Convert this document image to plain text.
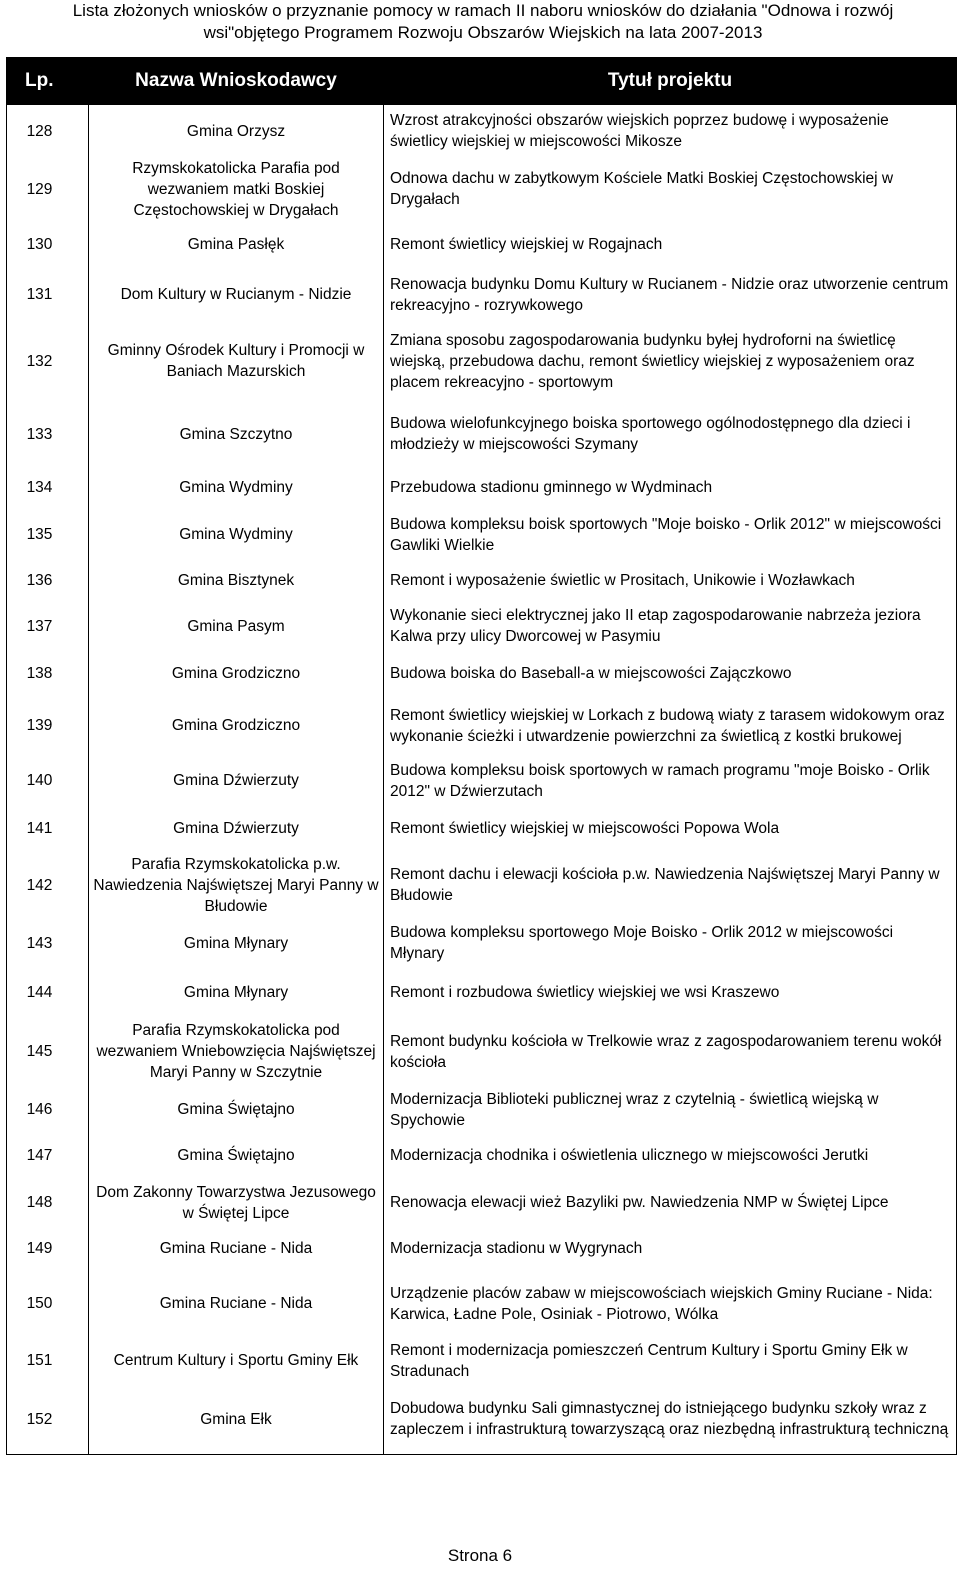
Lista złożonych wniosków o przyznanie pomocy w ramach II naboru wniosków do działania "Odnowa i rozwój
wsi"objętego Programem Rozwoju Obszarów Wiejskich na lata 2007-2013
Lp.	Nazwa Wnioskodawcy	Tytuł projektu
128	Gmina Orzysz	Wzrost atrakcyjności obszarów wiejskich poprzez budowę i wyposażenie świetlicy wiejskiej w miejscowości Mikosze
129	Rzymskokatolicka Parafia pod wezwaniem matki Boskiej Częstochowskiej w Drygałach	Odnowa dachu w zabytkowym Kościele Matki Boskiej Częstochowskiej w Drygałach
130	Gmina Pasłęk	Remont świetlicy wiejskiej w Rogajnach
131	Dom Kultury w Rucianym - Nidzie	Renowacja budynku Domu Kultury w Rucianem - Nidzie oraz utworzenie centrum rekreacyjno - rozrywkowego
132	Gminny Ośrodek Kultury i Promocji w Baniach Mazurskich	Zmiana sposobu zagospodarowania budynku byłej hydroforni na świetlicę wiejską, przebudowa dachu, remont świetlicy wiejskiej z wyposażeniem oraz placem rekreacyjno - sportowym
133	Gmina Szczytno	Budowa wielofunkcyjnego boiska sportowego ogólnodostępnego dla dzieci i młodzieży w miejscowości Szymany
134	Gmina Wydminy	Przebudowa stadionu gminnego w Wydminach
135	Gmina Wydminy	Budowa kompleksu boisk sportowych "Moje boisko - Orlik 2012" w miejscowości Gawliki Wielkie
136	Gmina Bisztynek	Remont i wyposażenie świetlic w Prositach, Unikowie i Wozławkach
137	Gmina Pasym	Wykonanie sieci elektrycznej jako II etap zagospodarowanie nabrzeża jeziora Kalwa przy ulicy Dworcowej w Pasymiu
138	Gmina Grodziczno	Budowa boiska do Baseball-a w miejscowości Zajączkowo
139	Gmina Grodziczno	Remont świetlicy wiejskiej w Lorkach z budową wiaty z tarasem widokowym oraz wykonanie ścieżki i utwardzenie powierzchni za świetlicą z kostki brukowej
140	Gmina Dźwierzuty	Budowa kompleksu boisk sportowych w ramach programu "moje Boisko - Orlik 2012" w Dźwierzutach
141	Gmina Dźwierzuty	Remont świetlicy wiejskiej w miejscowości Popowa Wola
142	Parafia Rzymskokatolicka p.w. Nawiedzenia Najświętszej Maryi Panny w Błudowie	Remont dachu i elewacji kościoła p.w. Nawiedzenia Najświętszej Maryi Panny w Błudowie
143	Gmina Młynary	Budowa kompleksu sportowego Moje Boisko - Orlik 2012 w miejscowości Młynary
144	Gmina Młynary	Remont i rozbudowa świetlicy wiejskiej we wsi Kraszewo
145	Parafia Rzymskokatolicka pod wezwaniem Wniebowzięcia Najświętszej Maryi Panny w Szczytnie	Remont budynku kościoła w Trelkowie wraz z zagospodarowaniem terenu wokół kościoła
146	Gmina Świętajno	Modernizacja Biblioteki publicznej wraz z czytelnią - świetlicą wiejską w Spychowie
147	Gmina Świętajno	Modernizacja chodnika i oświetlenia ulicznego w miejscowości Jerutki
148	Dom Zakonny Towarzystwa Jezusowego w Świętej Lipce	Renowacja elewacji wież Bazyliki pw. Nawiedzenia NMP w Świętej Lipce
149	Gmina Ruciane - Nida	Modernizacja stadionu w Wygrynach
150	Gmina Ruciane - Nida	Urządzenie placów zabaw w miejscowościach wiejskich Gminy Ruciane - Nida: Karwica, Ładne Pole, Osiniak - Piotrowo, Wólka
151	Centrum Kultury i Sportu Gminy Ełk	Remont i modernizacja pomieszczeń Centrum Kultury i Sportu Gminy Ełk w Stradunach
152	Gmina Ełk	Dobudowa budynku Sali gimnastycznej do istniejącego budynku szkoły wraz z zapleczem i infrastrukturą towarzyszącą oraz niezbędną infrastrukturą techniczną
Strona 6
